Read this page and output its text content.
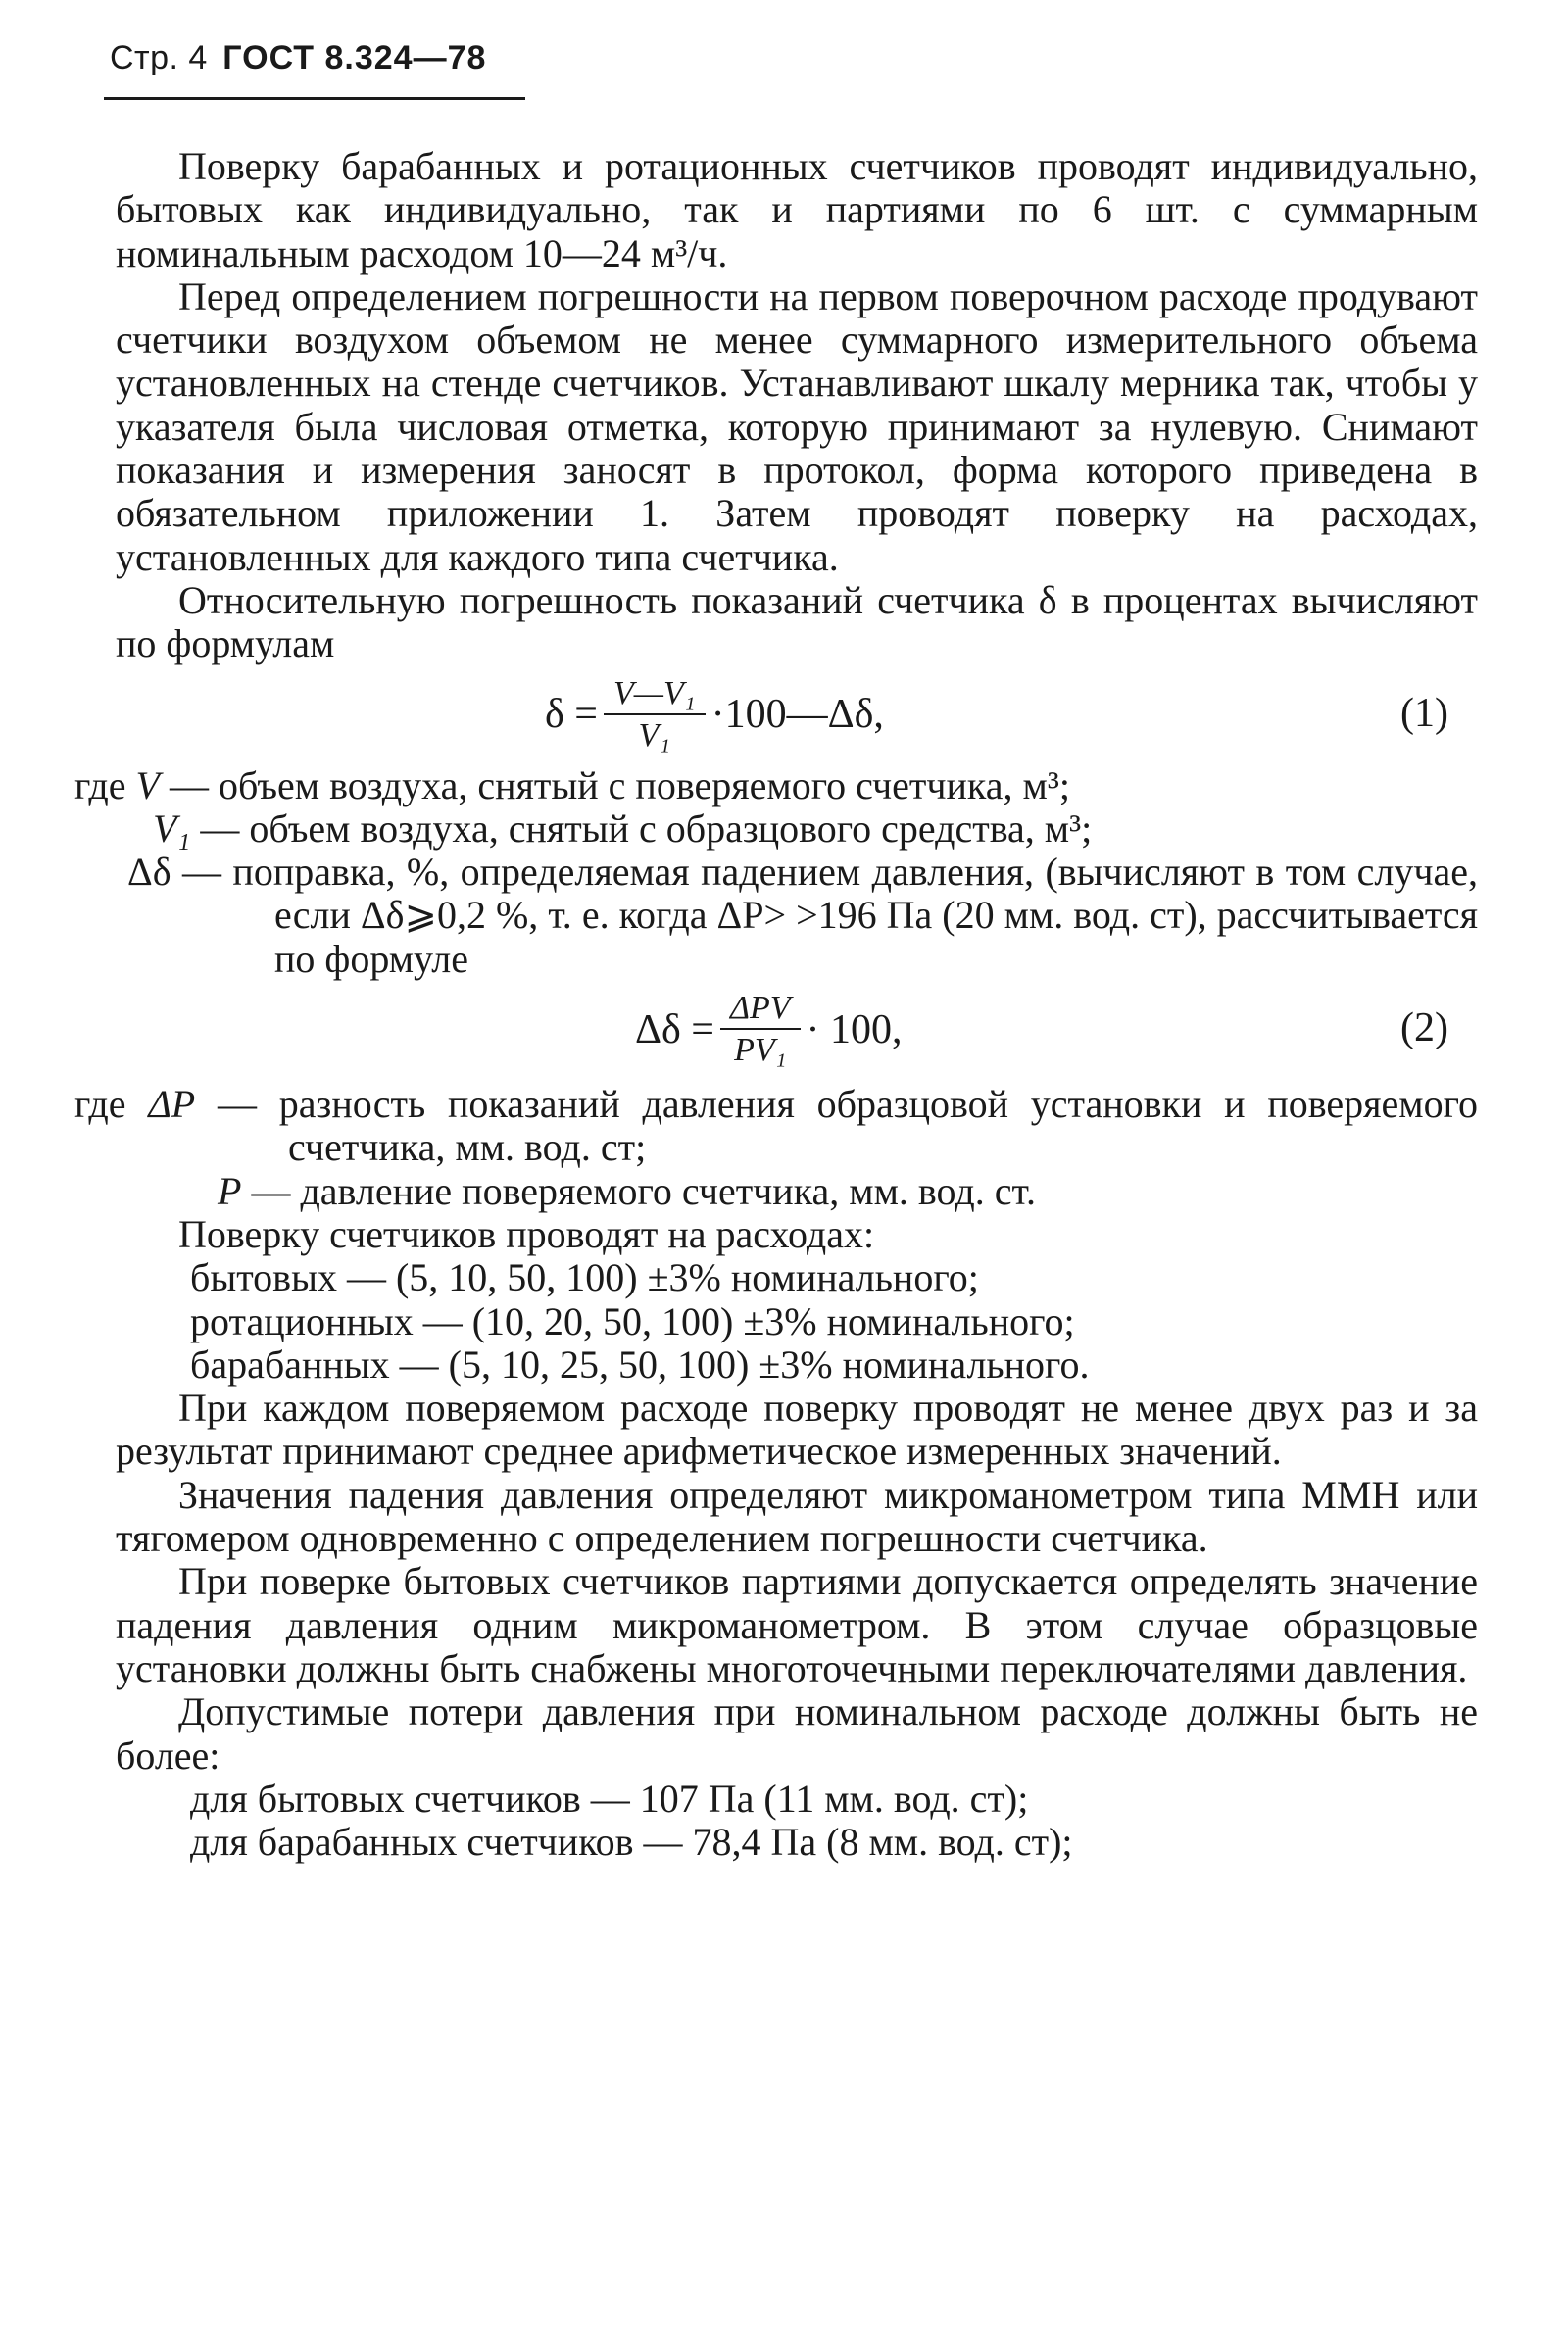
Стр. 4 ГОСТ 8.324—78

Поверку барабанных и ротационных счетчиков проводят индивидуально, бытовых как индивидуально, так и партиями по 6 шт. с суммарным номинальным расходом 10—24 м³/ч.

Перед определением погрешности на первом поверочном расходе продувают счетчики воздухом объемом не менее суммарного измерительного объема установленных на стенде счетчиков. Устанавливают шкалу мерника так, чтобы у указателя была числовая отметка, которую принимают за нулевую. Снимают показания и измерения заносят в протокол, форма которого приведена в обязательном приложении 1. Затем проводят поверку на расходах, установленных для каждого типа счетчика.

Относительную погрешность показаний счетчика δ в процентах вычисляют по формулам

$\delta = \frac{\text{V—V₁}}{\text{V₁}}$ ·100—Δδ,	(1)
где V — объем воздуха, снятый с поверяемого счетчика, м³;
V₁ — объем воздуха, снятый с образцового средства, м³;
Δδ — поправка, %, определяемая падением давления, (вычисляют в том случае, если Δδ⩾0,2 %, т. е. когда ΔP> >196 Па (20 мм. вод. ст), рассчитывается по формуле
$\Delta\delta = \frac{\text{ΔPV}}{\text{PV₁}} \cdot 100$,	(2)
где ΔP — разность показаний давления образцовой установки и поверяемого счетчика, мм. вод. ст;
P — давление поверяемого счетчика, мм. вод. ст.

Поверку счетчиков проводят на расходах:

бытовых — (5, 10, 50, 100) ±3% номинального;
ротационных — (10, 20, 50, 100) ±3% номинального;
барабанных — (5, 10, 25, 50, 100) ±3% номинального.

При каждом поверяемом расходе поверку проводят не менее двух раз и за результат принимают среднее арифметическое измеренных значений.

Значения падения давления определяют микроманометром типа ММН или тягомером одновременно с определением погрешности счетчика.

При поверке бытовых счетчиков партиями допускается определять значение падения давления одним микроманометром. В этом случае образцовые установки должны быть снабжены многоточечными переключателями давления.

Допустимые потери давления при номинальном расходе должны быть не более:

для бытовых счетчиков — 107 Па (11 мм. вод. ст);
для барабанных счетчиков — 78,4 Па (8 мм. вод. ст);
